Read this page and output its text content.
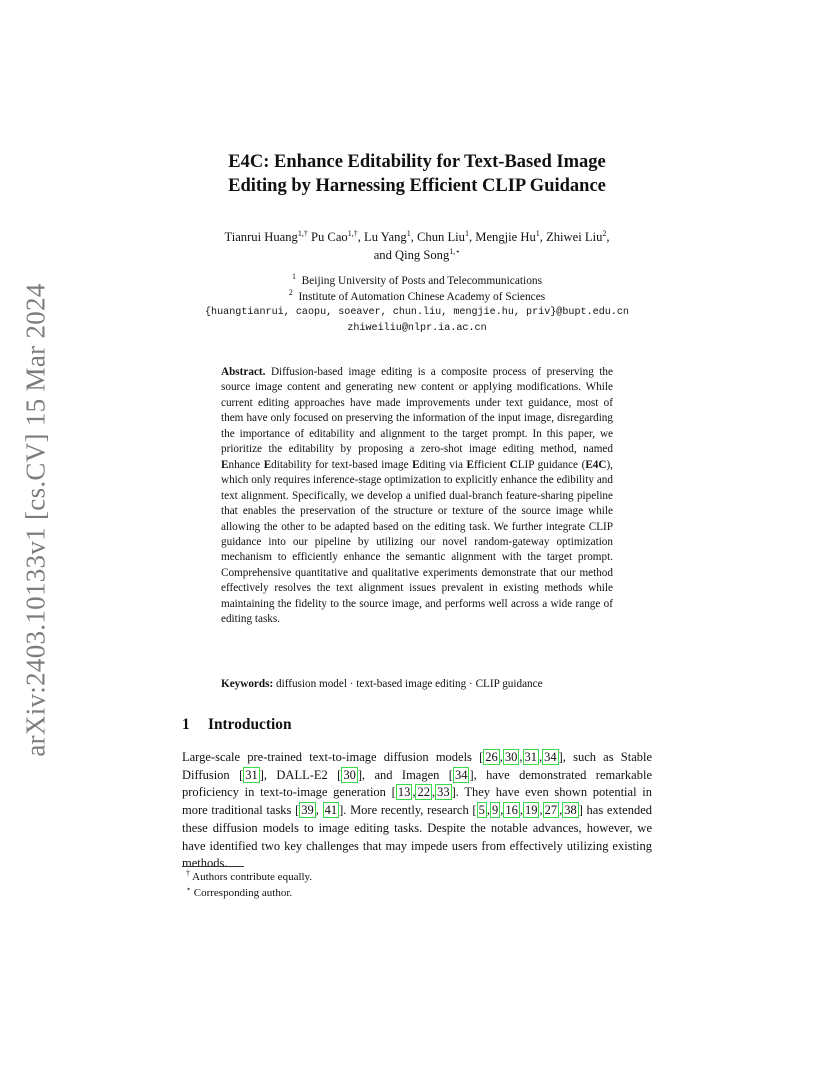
arXiv:2403.10133v1 [cs.CV] 15 Mar 2024
E4C: Enhance Editability for Text-Based Image
Editing by Harnessing Efficient CLIP Guidance
Tianrui Huang$^{1,\dagger}$ Pu Cao$^{1,\dagger}$, Lu Yang$^1$, Chun Liu$^1$, Mengjie Hu$^1$, Zhiwei Liu$^2$,
and Qing Song$^{1,⋆}$
$^1$ Beijing University of Posts and Telecommunications
$^2$ Institute of Automation Chinese Academy of Sciences
{huangtianrui, caopu, soeaver, chun.liu, mengjie.hu, priv}@bupt.edu.cn
zhiweiliu@nlpr.ia.ac.cn
Abstract. Diffusion-based image editing is a composite process of preserving the source image content and generating new content or applying modifications. While current editing approaches have made improvements under text guidance, most of them have only focused on preserving the information of the input image, disregarding the importance of editability and alignment to the target prompt. In this paper, we prioritize the editability by proposing a zero-shot image editing method, named Enhance Editability for text-based image Editing via Efficient CLIP guidance (E4C), which only requires inference-stage optimization to explicitly enhance the edibility and text alignment. Specifically, we develop a unified dual-branch feature-sharing pipeline that enables the preservation of the structure or texture of the source image while allowing the other to be adapted based on the editing task. We further integrate CLIP guidance into our pipeline by utilizing our novel random-gateway optimization mechanism to efficiently enhance the semantic alignment with the target prompt. Comprehensive quantitative and qualitative experiments demonstrate that our method effectively resolves the text alignment issues prevalent in existing methods while maintaining the fidelity to the source image, and performs well across a wide range of editing tasks.
Keywords: diffusion model · text-based image editing · CLIP guidance
1 Introduction
Large-scale pre-trained text-to-image diffusion models [ 26 , 30 , 31 , 34 ], such as Stable Diffusion [ 31 ], DALL-E2 [ 30 ], and Imagen [ 34 ], have demonstrated remarkable proficiency in text-to-image generation [ 13 , 22 , 33 ]. They have even shown potential in more traditional tasks [ 39 , 41 ]. More recently, research [ 5 , 9 , 16 , 19 , 27 , 38 ] has extended these diffusion models to image editing tasks. Despite the notable advances, however, we have identified two key challenges that may impede users from effectively utilizing existing methods.
† Authors contribute equally.
⋆ Corresponding author.
